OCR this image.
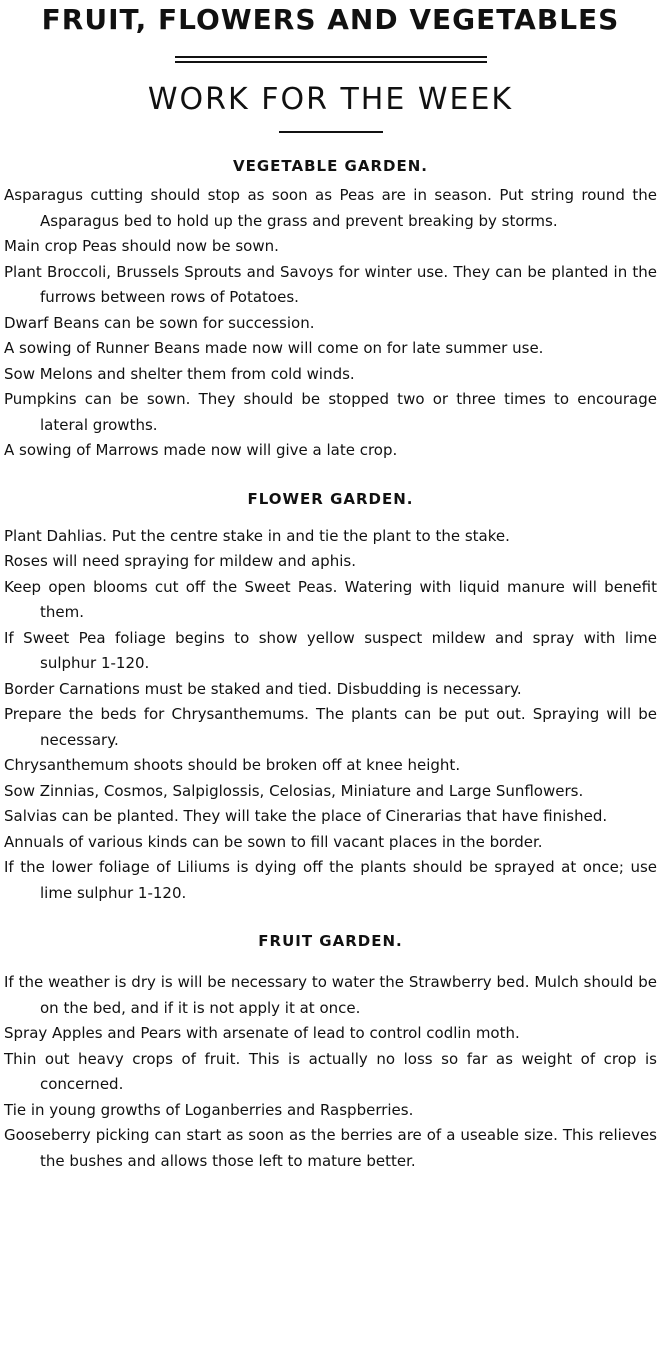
FRUIT, FLOWERS AND VEGETABLES
WORK FOR THE WEEK
VEGETABLE GARDEN.

Asparagus cutting should stop as soon as Peas are in season. Put string round the Asparagus bed to hold up the grass and prevent breaking by storms.

Main crop Peas should now be sown.

Plant Broccoli, Brussels Sprouts and Savoys for winter use. They can be planted in the furrows between rows of Potatoes.

Dwarf Beans can be sown for succession.

A sowing of Runner Beans made now will come on for late summer use.

Sow Melons and shelter them from cold winds.

Pumpkins can be sown. They should be stopped two or three times to encourage lateral growths.

A sowing of Marrows made now will give a late crop.

FLOWER GARDEN.

Plant Dahlias. Put the centre stake in and tie the plant to the stake.

Roses will need spraying for mildew and aphis.

Keep open blooms cut off the Sweet Peas. Watering with liquid manure will benefit them.

If Sweet Pea foliage begins to show yellow suspect mildew and spray with lime sulphur 1-120.

Border Carnations must be staked and tied. Disbudding is necessary.

Prepare the beds for Chrysanthemums. The plants can be put out. Spraying will be necessary.

Chrysanthemum shoots should be broken off at knee height.

Sow Zinnias, Cosmos, Salpiglossis, Celosias, Miniature and Large Sunflowers.

Salvias can be planted. They will take the place of Cinerarias that have finished.

Annuals of various kinds can be sown to fill vacant places in the border.

If the lower foliage of Liliums is dying off the plants should be sprayed at once; use lime sulphur 1-120.

FRUIT GARDEN.

If the weather is dry is will be necessary to water the Strawberry bed. Mulch should be on the bed, and if it is not apply it at once.

Spray Apples and Pears with arsenate of lead to control codlin moth.

Thin out heavy crops of fruit. This is actually no loss so far as weight of crop is concerned.

Tie in young growths of Loganberries and Raspberries.

Gooseberry picking can start as soon as the berries are of a useable size. This relieves the bushes and allows those left to mature better.
